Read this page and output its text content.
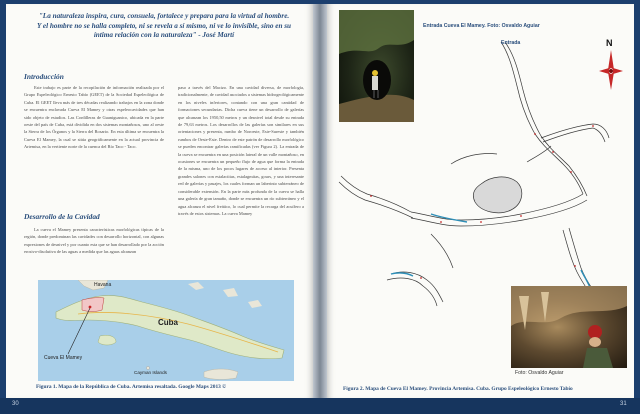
"La naturaleza inspira, cura, consuela, fortalece y prepara para la virtud al hombre.
Y el hombre no se halla completo, ni se revela a sí mismo, ni ve lo invisible, sino en su
íntima relación con la naturaleza" - José Martí
Introducción
Este trabajo es parte de la recopilación de información realizada por el Grupo Espeleológico Ernesto Tabío (GEET) de la Sociedad Espeleológica de Cuba. El GEET lleva más de tres décadas realizando trabajos en la zona donde se encuentra enclavada Cueva El Mamey y otras espeleocavidades que han sido objeto de estudios. Las Cordilleras de Guaniguanico, ubicada en la parte oeste del país de Cuba, está dividida en dos sistemas montañosos, uno al oeste la Sierra de los Órganos y la Sierra del Rosario. En esta última se encuentra la Cueva El Mamey, la cual se sitúa geográficamente en la actual provincia de Artemisa, en la vertiente norte de la cuenca del Río Taco - Taco.
Desarrollo de la Cavidad
La cueva el Mamey presenta características morfológicas típicas de la región, donde predominan las cavidades con desarrollo horizontal, con algunas expresiones de desnivel y por cuanto esta que se han desarrollado por la acción erosivo-disolutiva de las aguas a medida que las aguas alcanzan
paso a través del Macizo. En una cavidad diversa, de morfología, tradicionalmente, de cavidad asociados a sistemas hidrogeológicamente en los niveles inferiores, contando con una gran cantidad de formaciones secundarias. Dicha cueva tiene un desarrollo de galerías que alcanzan los 1950,50 metros y un desnivel total desde su entrada de 79,63 metros. Los desarrollos de las galerías son similares en sus orientaciones y presenta, rumbo de Noroeste, Este-Sureste y también rumbos de Oeste-Este. Dentro de este patrón de desarrollo morfológico se pueden encontrar galerías ramificadas (ver Figura 2). La entrada de la cueva se encuentra en una posición lateral de un valle montañoso, en ocasiones se encuentra un pequeño flujo de agua que forma la entrada de la misma, uno de los pocos lugares de acceso al interior. Presenta grandes salones con estalactitas, estalagmitas, gours, y una interesante red de galerías y pasajes, los cuales forman un laberinto subterráneo de considerable extensión. En la parte más profunda de la cueva se halla una galería de gran tamaño, donde se encuentra un río subterráneo y el agua alcanza el nivel freático, lo cual permite la recarga del acuífero a través de estos sistemas. La cueva Mamey
Havana
Cuba
Cueva El Mamey
Cayman Islands
Figura 1. Mapa de la República de Cuba. Artemisa resaltada. Google Maps 2013 ©
Entrada Cueva El Mamey. Foto: Osvaldo Aguiar
N
Entrada
Foto: Osvaldo Aguiar
Figura 2. Mapa de Cueva El Mamey. Provincia Artemisa. Cuba. Grupo Espeleológico Ernesto Tabío
30	31
